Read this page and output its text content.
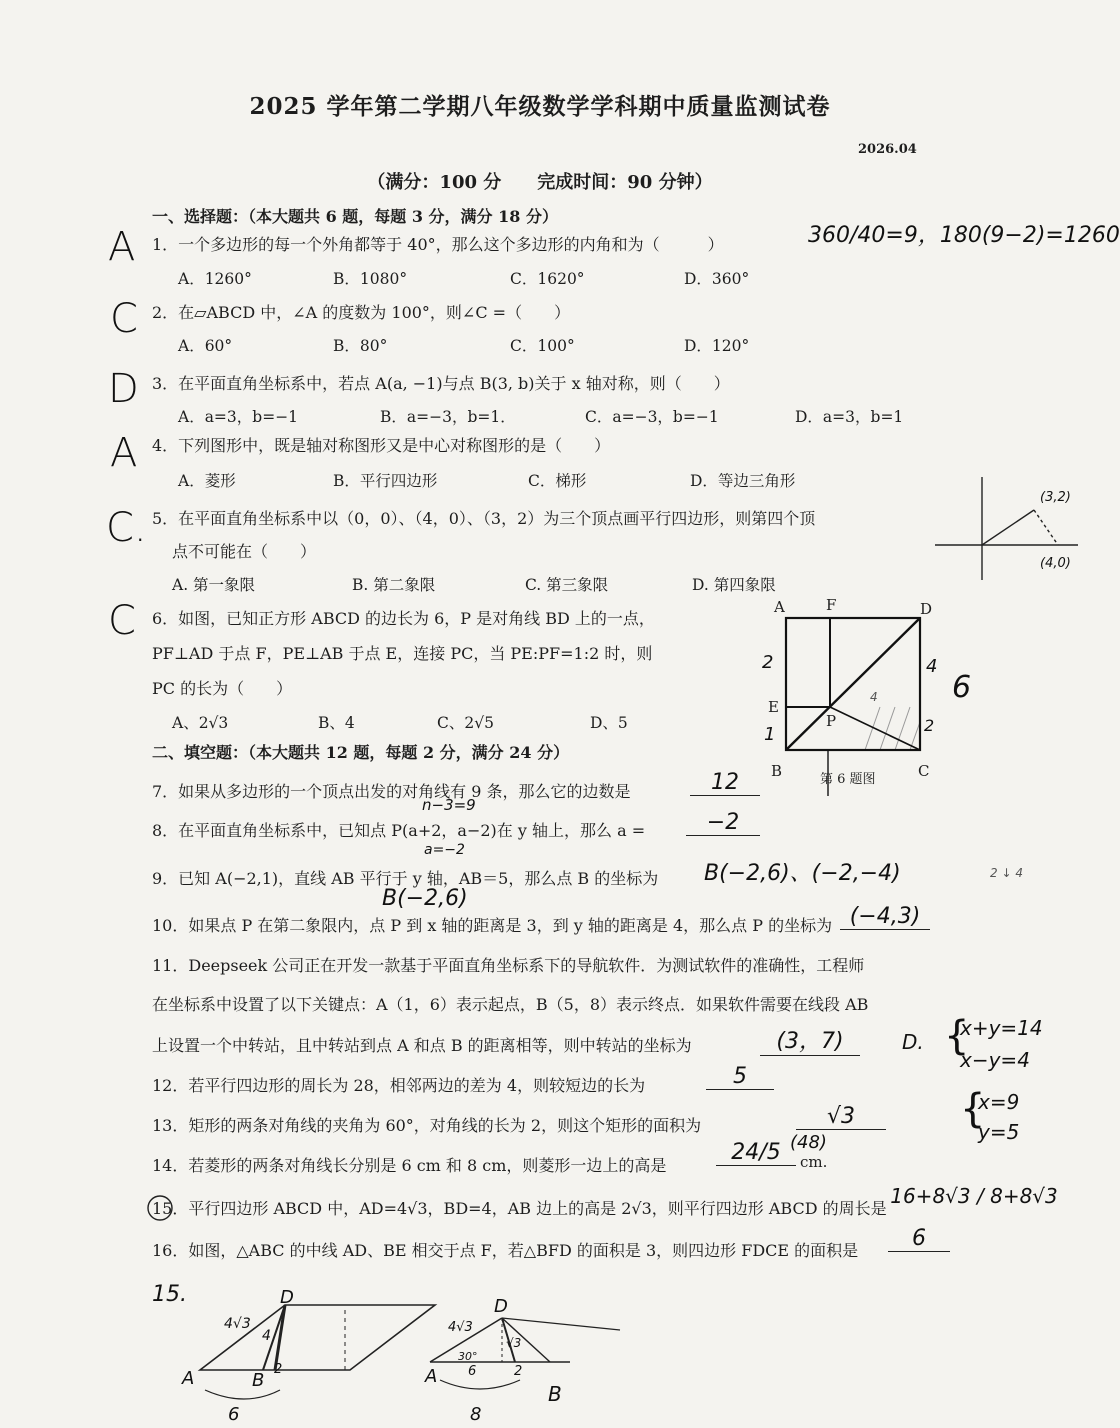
2025 学年第二学期八年级数学学科期中质量监测试卷
2026.04
（满分：100 分　　完成时间：90 分钟）
一、选择题：（本大题共 6 题，每题 3 分，满分 18 分）
360/40=9，180(9−2)=1260
A 1．一个多边形的每一个外角都等于 40°，那么这个多边形的内角和为（　　　）
A．1260°	B．1080°	C．1620°	D．360°
C 2．在▱ABCD 中，∠A 的度数为 100°，则∠C =（　　）
A．60°	B．80°	C．100°	D．120°
D 3．在平面直角坐标系中，若点 A(a, −1)与点 B(3, b)关于 x 轴对称，则（　　）
A．a=3，b=−1	B．a=−3，b=1．	C．a=−3，b=−1	D．a=3，b=1
A 4．下列图形中，既是轴对称图形又是中心对称图形的是（　　）
A．菱形	B．平行四边形	C．梯形	D．等边三角形
C. 5．在平面直角坐标系中以（0，0）、（4，0）、（3，2）为三个顶点画平行四边形，则第四个顶
点不可能在（　　）
A. 第一象限	B. 第二象限	C. 第三象限	D. 第四象限
(3,2)
(4,0)
C 6．如图，已知正方形 ABCD 的边长为 6，P 是对角线 BD 上的一点，
PF⊥AD 于点 F，PE⊥AB 于点 E，连接 PC，当 PE:PF=1:2 时，则
PC 的长为（　　）
A、2√3	B、4	C、2√5	D、5
A	F	D
E
P
B	C
第 6 题图
2	4
1	2
4 6
二、填空题：（本大题共 12 题，每题 2 分，满分 24 分）
7．如果从多边形的一个顶点出发的对角线有 9 条，那么它的边数是	12
n−3=9
8．在平面直角坐标系中，已知点 P(a+2，a−2)在 y 轴上，那么 a =	−2
a=−2
9．已知 A(−2,1)，直线 AB 平行于 y 轴，AB＝5，那么点 B 的坐标为 B(−2,6)、(−2,−4)
B(−2,6)
2 ↓ 4
10．如果点 P 在第二象限内，点 P 到 x 轴的距离是 3，到 y 轴的距离是 4，那么点 P 的坐标为 (−4,3)
11．Deepseek 公司正在开发一款基于平面直角坐标系下的导航软件．为测试软件的准确性，工程师
在坐标系中设置了以下关键点：A（1，6）表示起点，B（5，8）表示终点．如果软件需要在线段 AB
上设置一个中转站，且中转站到点 A 和点 B 的距离相等，则中转站的坐标为	(3，7)	D. {
x+y=14
x−y=4
{
x=9
y=5
12．若平行四边形的周长为 28，相邻两边的差为 4，则较短边的长为	5
13．矩形的两条对角线的夹角为 60°，对角线的长为 2，则这个矩形的面积为	√3
14．若菱形的两条对角线长分别是 6 cm 和 8 cm，则菱形一边上的高是
24/5 (48)
cm.
15．平行四边形 ABCD 中，AD=4√3，BD=4，AB 边上的高是 2√3，则平行四边形 ABCD 的周长是
16+8√3 / 8+8√3
16．如图，△ABC 的中线 AD、BE 相交于点 F，若△BFD 的面积是 3，则四边形 FDCE 的面积是	6
15.	D
4√3
4
A	B
2
6
D
4√3
√3
30°
6	2
A
B
8
